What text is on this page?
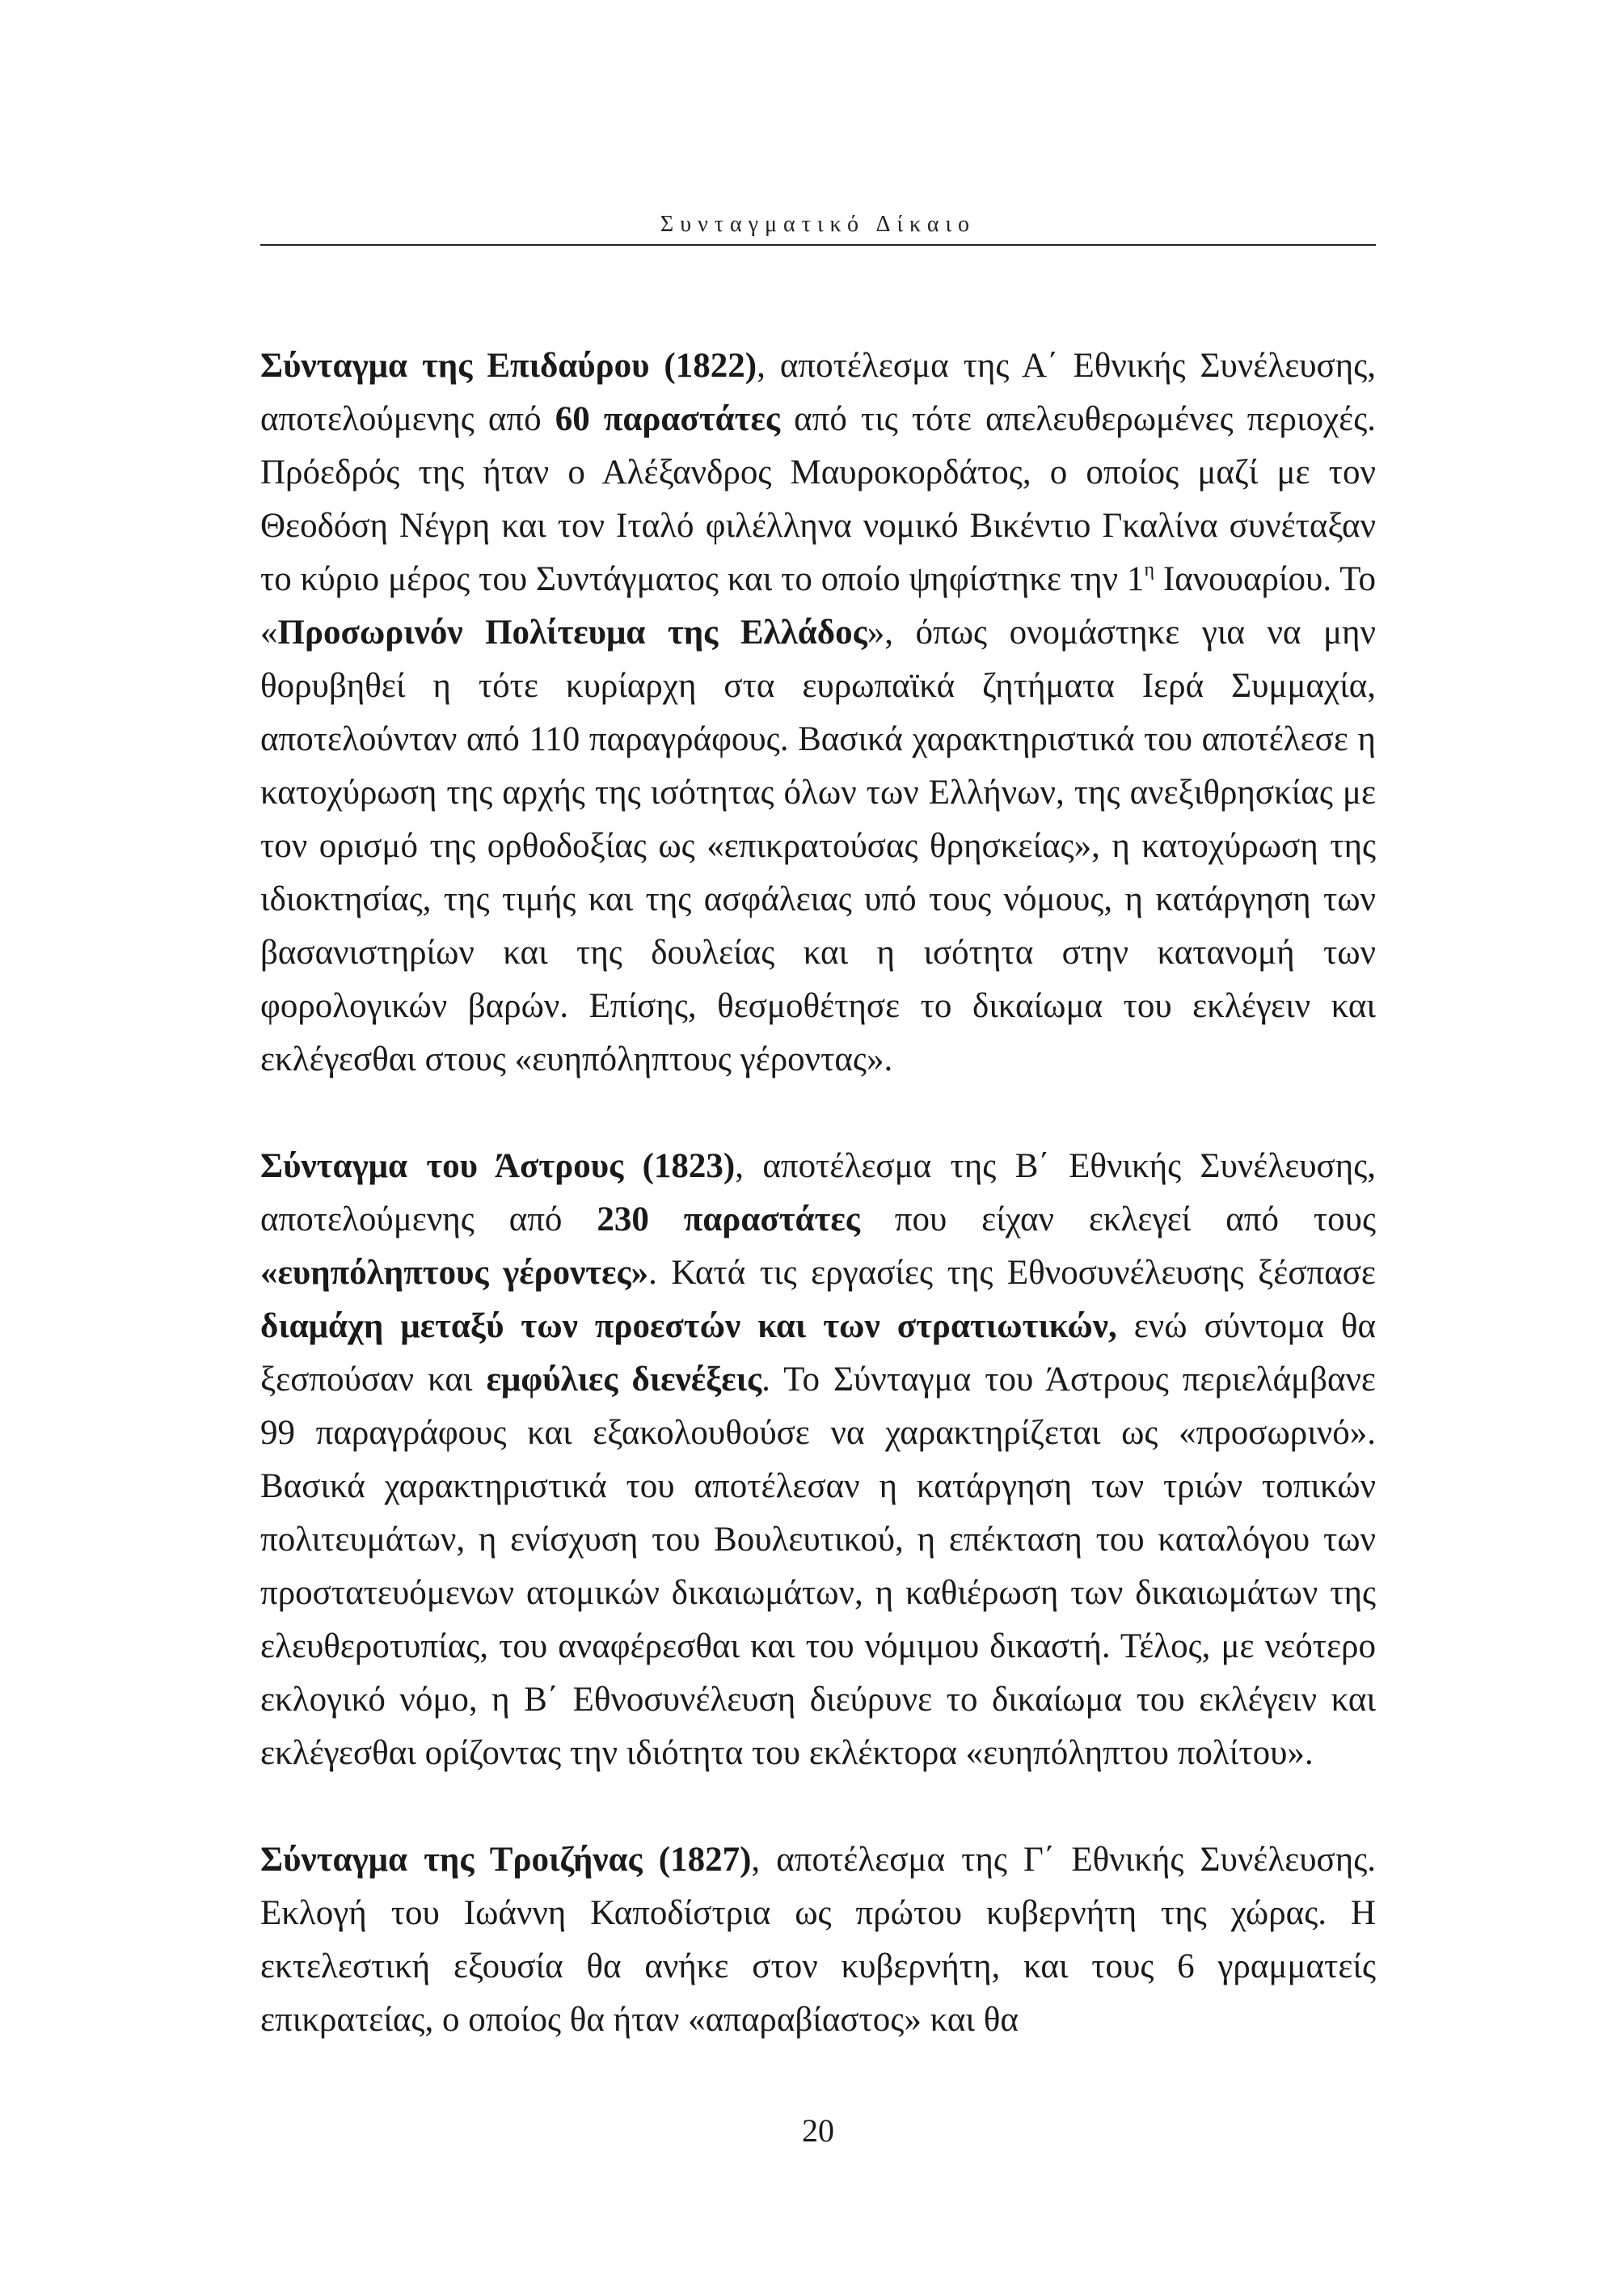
Συνταγματικό Δίκαιο

Σύνταγμα της Επιδαύρου (1822), αποτέλεσμα της Α΄ Εθνικής Συνέλευσης, αποτελούμενης από 60 παραστάτες από τις τότε απελευθερωμένες περιοχές. Πρόεδρός της ήταν ο Αλέξανδρος Μαυροκορδάτος, ο οποίος μαζί με τον Θεοδόση Νέγρη και τον Ιταλό φιλέλληνα νομικό Βικέντιο Γκαλίνα συνέταξαν το κύριο μέρος του Συντάγματος και το οποίο ψηφίστηκε την $1^\eta$ Ιανουαρίου. Το «Προσωρινόν Πολίτευμα της Ελλάδος», όπως ονομάστηκε για να μην θορυβηθεί η τότε κυρίαρχη στα ευρωπαϊκά ζητήματα Ιερά Συμμαχία, αποτελούνταν από 110 παραγράφους. Βασικά χαρακτηριστικά του αποτέλεσε η κατοχύρωση της αρχής της ισότητας όλων των Ελλήνων, της ανεξιθρησκίας με τον ορισμό της ορθοδοξίας ως «επικρατούσας θρησκείας», η κατοχύρωση της ιδιοκτησίας, της τιμής και της ασφάλειας υπό τους νόμους, η κατάργηση των βασανιστηρίων και της δουλείας και η ισότητα στην κατανομή των φορολογικών βαρών. Επίσης, θεσμοθέτησε το δικαίωμα του εκλέγειν και εκλέγεσθαι στους «ευηπόληπτους γέροντας».

Σύνταγμα του Άστρους (1823), αποτέλεσμα της Β΄ Εθνικής Συνέλευσης, αποτελούμενης από 230 παραστάτες που είχαν εκλεγεί από τους «ευηπόληπτους γέροντες». Κατά τις εργασίες της Εθνοσυνέλευσης ξέσπασε διαμάχη μεταξύ των προεστών και των στρατιωτικών, ενώ σύντομα θα ξεσπούσαν και εμφύλιες διενέξεις. Το Σύνταγμα του Άστρους περιελάμβανε 99 παραγράφους και εξακολουθούσε να χαρακτηρίζεται ως «προσωρινό». Βασικά χαρακτηριστικά του αποτέλεσαν η κατάργηση των τριών τοπικών πολιτευμάτων, η ενίσχυση του Βουλευτικού, η επέκταση του καταλόγου των προστατευόμενων ατομικών δικαιωμάτων, η καθιέρωση των δικαιωμάτων της ελευθεροτυπίας, του αναφέρεσθαι και του νόμιμου δικαστή. Τέλος, με νεότερο εκλογικό νόμο, η Β΄ Εθνοσυνέλευση διεύρυνε το δικαίωμα του εκλέγειν και εκλέγεσθαι ορίζοντας την ιδιότητα του εκλέκτορα «ευηπόληπτου πολίτου».

Σύνταγμα της Τροιζήνας (1827), αποτέλεσμα της Γ΄ Εθνικής Συνέλευσης. Εκλογή του Ιωάννη Καποδίστρια ως πρώτου κυβερνήτη της χώρας. Η εκτελεστική εξουσία θα ανήκε στον κυβερνήτη, και τους 6 γραμματείς επικρατείας, ο οποίος θα ήταν «απαραβίαστος» και θα

20
